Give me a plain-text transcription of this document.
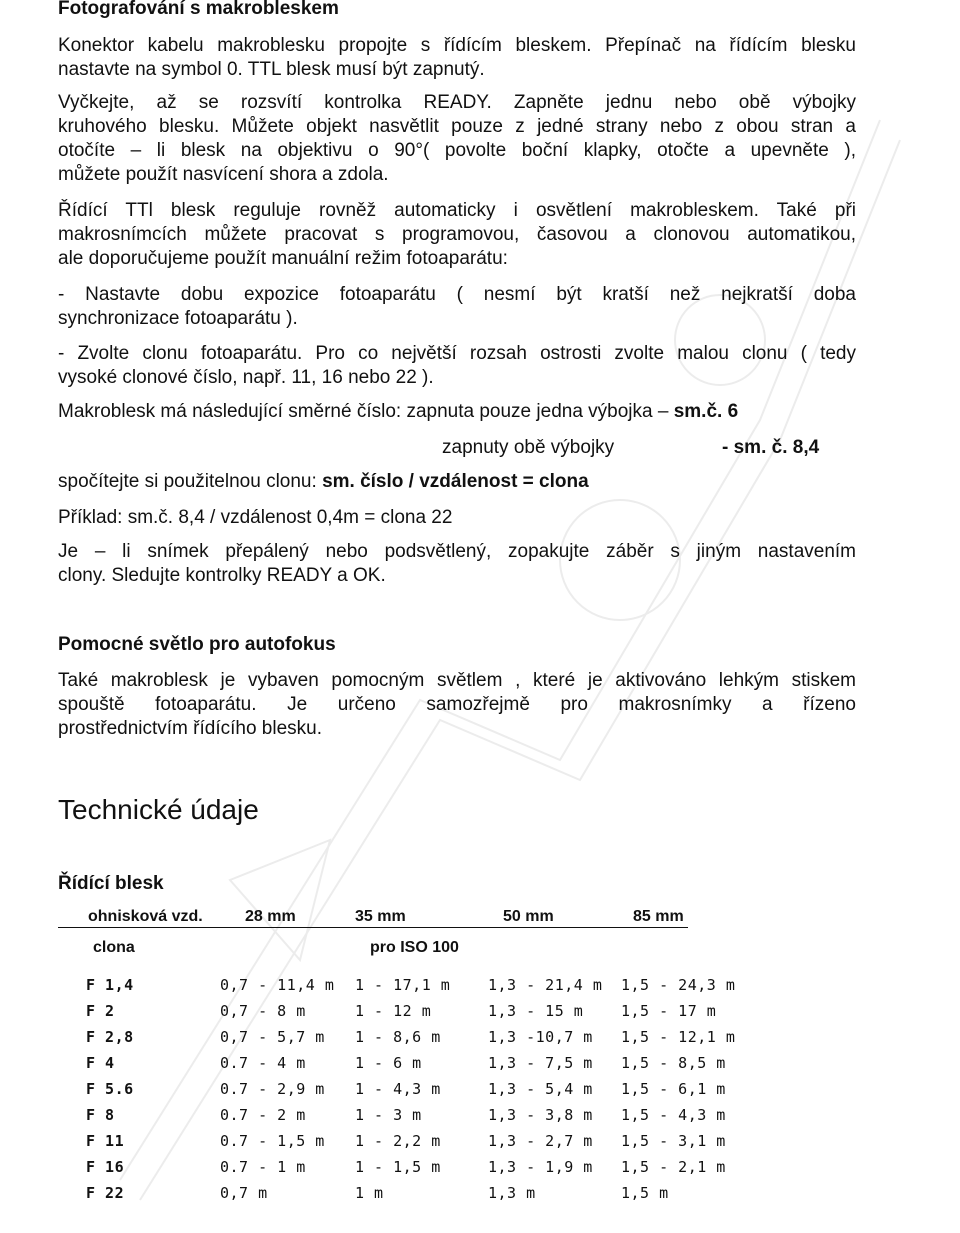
Fotografování s makrobleskem
Konektor kabelu makroblesku propojte s řídícím bleskem. Přepínač na řídícím blesku
nastavte na symbol 0. TTL blesk musí být zapnutý.
Vyčkejte, až se rozsvítí kontrolka READY. Zapněte jednu nebo obě výbojky
kruhového blesku. Můžete objekt nasvětlit pouze z jedné strany nebo z obou stran a
otočíte – li blesk na objektivu o 90°( povolte boční klapky, otočte a upevněte ),
můžete použít nasvícení shora a zdola.
Řídící TTl blesk reguluje rovněž automaticky i osvětlení makrobleskem. Také při
makrosnímcích můžete pracovat s programovou, časovou a clonovou automatikou,
ale doporučujeme použít manuální režim fotoaparátu:
- Nastavte dobu expozice fotoaparátu ( nesmí být kratší než nejkratší doba
synchronizace fotoaparátu ).
- Zvolte clonu fotoaparátu. Pro co největší rozsah ostrosti zvolte malou clonu ( tedy
vysoké clonové číslo, např. 11, 16 nebo 22 ).
Makroblesk má následující směrné číslo: zapnuta pouze jedna výbojka – sm.č. 6
zapnuty obě výbojky	- sm. č. 8,4
spočítejte si použitelnou clonu: sm. číslo / vzdálenost = clona
Příklad: sm.č. 8,4 / vzdálenost 0,4m = clona 22
Je – li snímek přepálený nebo podsvětlený, zopakujte záběr s jiným nastavením
clony. Sledujte kontrolky READY a OK.
Pomocné světlo pro autofokus
Také makroblesk je vybaven pomocným světlem , které je aktivováno lehkým stiskem
spouště fotoaparátu. Je určeno samozřejmě pro makrosnímky a řízeno
prostřednictvím řídícího blesku.
Technické údaje
Řídící blesk
ohnisková vzd.	28 mm	35 mm	50 mm	85 mm
clona	pro ISO 100
F 1,4	0,7 - 11,4 m 1 - 17,1 m	1,3 - 21,4 m 1,5 - 24,3 m
F 2	0,7 - 8 m	1 - 12 m	1,3 - 15 m	1,5 - 17 m
F 2,8	0,7 - 5,7 m 1 - 8,6 m	1,3 -10,7 m 1,5 - 12,1 m
F 4	0.7 - 4 m	1 - 6 m	1,3 - 7,5 m 1,5 - 8,5 m
F 5.6	0.7 - 2,9 m 1 - 4,3 m	1,3 - 5,4 m 1,5 - 6,1 m
F 8	0.7 - 2 m	1 - 3 m	1,3 - 3,8 m 1,5 - 4,3 m
F 11	0.7 - 1,5 m 1 - 2,2 m	1,3 - 2,7 m 1,5 - 3,1 m
F 16	0.7 - 1 m	1 - 1,5 m	1,3 - 1,9 m 1,5 - 2,1 m
F 22	0,7 m	1 m	1,3 m	1,5 m
